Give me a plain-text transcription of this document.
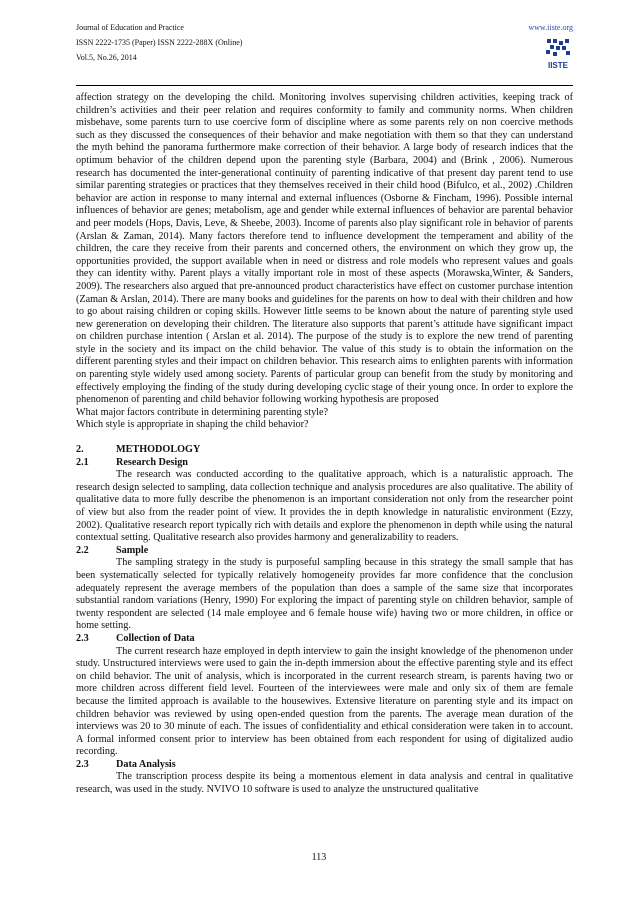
Journal of Education and Practice
ISSN 2222-1735 (Paper) ISSN 2222-288X (Online)
Vol.5, No.26, 2014
www.iiste.org
IISTE

affection strategy on the developing the child. Monitoring involves supervising children activities, keeping track of children’s activities and their peer relation and requires conformity to family and community norms. When children misbehave, some parents turn to use coercive form of discipline where as some parents rely on non coercive methods such as they discussed the consequences of their behavior and make negotiation with them so that they can understand the myth behind the panorama furthermore make correction of their behavior. A large body of research indices that the optimum behavior of the children depend upon the parenting style (Barbara, 2004) and (Brink , 2006). Numerous research has documented the inter-generational continuity of parenting indicative of that present day parent tend to use similar parenting strategies or practices that they themselves received in their child hood (Bifulco, et al., 2002) .Children behavior are action in response to many internal and external influences (Osborne & Fincham, 1996). Possible internal influences of behavior are genes; metabolism, age and gender while external influences of behavior are parental behavior and peer models (Hops, Davis, Leve, & Sheebe, 2003). Income of parents also play significant role in behavior of parents (Arslan & Zaman, 2014). Many factors therefore tend to influence development the temperament and ability of the children, the care they receive from their parents and concerned others, the environment on which they grow up, the opportunities provided, the support available when in need or distress and role models who represent values and goals they can identity withy. Parent plays a vitally important role in most of these aspects (Morawska,Winter, & Sanders, 2009). The researchers also argued that pre-announced product characteristics have effect on customer purchase intention (Zaman & Arslan, 2014). There are many books and guidelines for the parents on how to deal with their children and how to go about raising children or coping skills. However little seems to be known about the nature of parenting style used new gereneration on developing their children. The literature also supports that parent’s attitude have significant impact on children purchase intention ( Arslan et al. 2014). The purpose of the study is to explore the new trend of parenting style in the society and its impact on the child behavior. The value of this study is to obtain the information on the different parenting styles and their impact on children behavior. This research aims to enlighten parents with information on parenting style widely used among society. Parents of particular group can benefit from the study by monitoring and effectively employing the finding of the study during developing cyclic stage of their young once. In order to explore the phenomenon of parenting and child behavior following working hypothesis are proposed

What major factors contribute in determining parenting style?

Which style is appropriate in shaping the child behavior?

2.	METHODOLOGY
2.1	Research Design

The research was conducted according to the qualitative approach, which is a naturalistic approach. The research design selected to sampling, data collection technique and analysis procedures are also qualitative. The ability of qualitative data to more fully describe the phenomenon is an important consideration not only from the researcher point of view but also from the reader point of view. It provides the in depth knowledge in naturalistic environment (Ezzy, 2002). Qualitative research report typically rich with details and explore the phenomenon in depth while using the natural contextual setting. Qualitative research also provides harmony and generalizability to readers.

2.2	Sample

The sampling strategy in the study is purposeful sampling because in this strategy the small sample that has been systematically selected for typically relatively homogeneity provides far more confidence that the conclusion adequately represent the average members of the population than does a sample of the same size that incorporates substantial random variations (Henry, 1990) For exploring the impact of parenting style on children behavior, sample of twenty respondent are selected (14 male employee and 6 female house wife) having two or more children, in office or home setting.

2.3	Collection of Data

The current research haze employed in depth interview to gain the insight knowledge of the phenomenon under study. Unstructured interviews were used to gain the in-depth immersion about the effective parenting style and its effect on child behavior. The unit of analysis, which is incorporated in the current research stream, is parents having two or more children across different field level. Fourteen of the interviewees were male and only six of them are female because the limited approach is available to the housewives. Extensive literature on parenting style and its impact on children behavior was reviewed by using open-ended question from the parents. The average mean duration of the interviews was 20 to 30 minute of each. The issues of confidentiality and ethical consideration were taken in to account. A formal informed consent prior to interview has been obtained from each respondent for using of digitalized audio recording.

2.3	Data Analysis

The transcription process despite its being a momentous element in data analysis and central in qualitative research, was used in the study. NVIVO 10 software is used to analyze the unstructured qualitative

113
